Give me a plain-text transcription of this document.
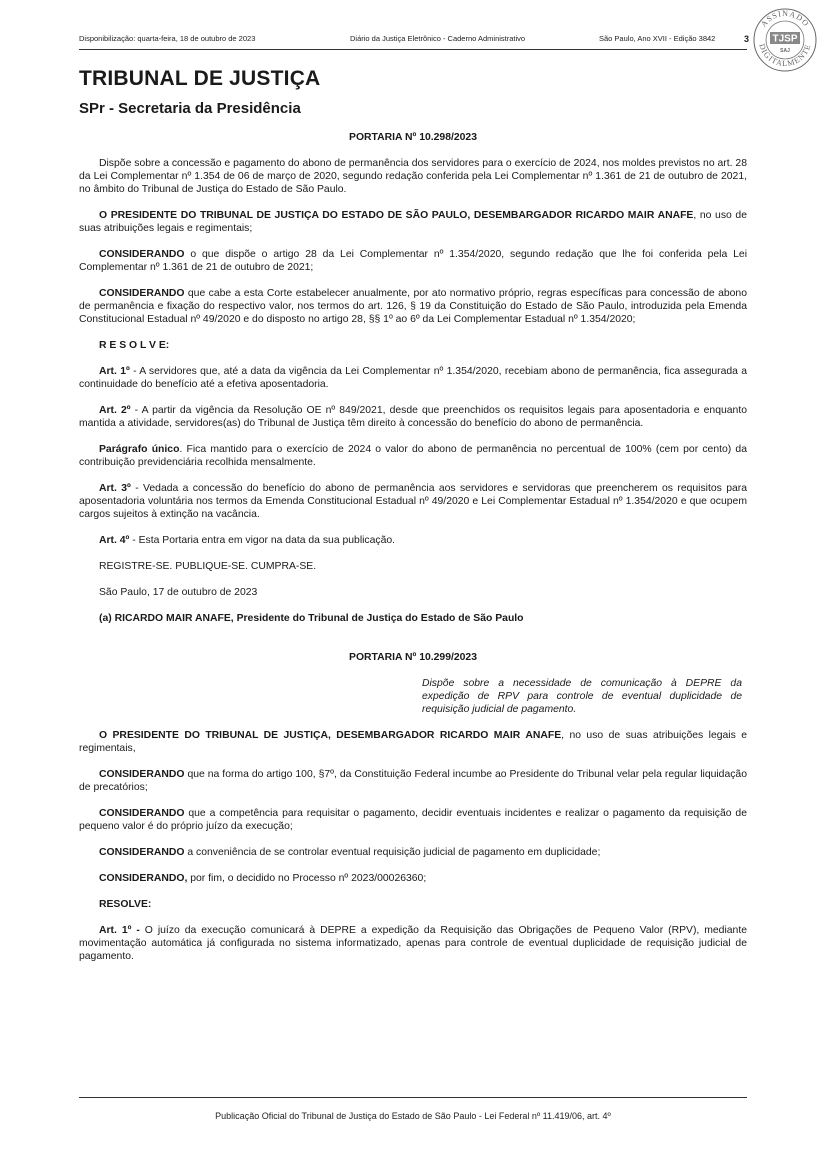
Disponibilização: quarta-feira, 18 de outubro de 2023	Diário da Justiça Eletrônico - Caderno Administrativo	São Paulo, Ano XVII - Edição 3842	3
ASSINADO
DIGITALMENTE
TJSP
SAJ
TRIBUNAL DE JUSTIÇA
SPr - Secretaria da Presidência

PORTARIA Nº 10.298/2023

Dispõe sobre a concessão e pagamento do abono de permanência dos servidores para o exercício de 2024, nos moldes previstos no art. 28 da Lei Complementar nº 1.354 de 06 de março de 2020, segundo redação conferida pela Lei Complementar nº 1.361 de 21 de outubro de 2021, no âmbito do Tribunal de Justiça do Estado de São Paulo.

O PRESIDENTE DO TRIBUNAL DE JUSTIÇA DO ESTADO DE SÃO PAULO, DESEMBARGADOR RICARDO MAIR ANAFE, no uso de suas atribuições legais e regimentais;

CONSIDERANDO o que dispõe o artigo 28 da Lei Complementar nº 1.354/2020, segundo redação que lhe foi conferida pela Lei Complementar nº 1.361 de 21 de outubro de 2021;

CONSIDERANDO que cabe a esta Corte estabelecer anualmente, por ato normativo próprio, regras específicas para concessão de abono de permanência e fixação do respectivo valor, nos termos do art. 126, § 19 da Constituição do Estado de São Paulo, introduzida pela Emenda Constitucional Estadual nº 49/2020 e do disposto no artigo 28, §§ 1º ao 6º da Lei Complementar Estadual nº 1.354/2020;

R E S O L V E:

Art. 1º - A servidores que, até a data da vigência da Lei Complementar nº 1.354/2020, recebiam abono de permanência, fica assegurada a continuidade do benefício até a efetiva aposentadoria.

Art. 2º - A partir da vigência da Resolução OE nº 849/2021, desde que preenchidos os requisitos legais para aposentadoria e enquanto mantida a atividade, servidores(as) do Tribunal de Justiça têm direito à concessão do benefício do abono de permanência.

Parágrafo único. Fica mantido para o exercício de 2024 o valor do abono de permanência no percentual de 100% (cem por cento) da contribuição previdenciária recolhida mensalmente.

Art. 3º - Vedada a concessão do benefício do abono de permanência aos servidores e servidoras que preencherem os requisitos para aposentadoria voluntária nos termos da Emenda Constitucional Estadual nº 49/2020 e Lei Complementar Estadual nº 1.354/2020 e que ocupem cargos sujeitos à extinção na vacância.

Art. 4º - Esta Portaria entra em vigor na data da sua publicação.

REGISTRE-SE. PUBLIQUE-SE. CUMPRA-SE.

São Paulo, 17 de outubro de 2023

(a) RICARDO MAIR ANAFE, Presidente do Tribunal de Justiça do Estado de São Paulo

PORTARIA Nº 10.299/2023

Dispõe sobre a necessidade de comunicação à DEPRE da expedição de RPV para controle de eventual duplicidade de requisição judicial de pagamento.

O PRESIDENTE DO TRIBUNAL DE JUSTIÇA, DESEMBARGADOR RICARDO MAIR ANAFE, no uso de suas atribuições legais e regimentais,

CONSIDERANDO que na forma do artigo 100, §7º, da Constituição Federal incumbe ao Presidente do Tribunal velar pela regular liquidação de precatórios;

CONSIDERANDO que a competência para requisitar o pagamento, decidir eventuais incidentes e realizar o pagamento da requisição de pequeno valor é do próprio juízo da execução;

CONSIDERANDO a conveniência de se controlar eventual requisição judicial de pagamento em duplicidade;

CONSIDERANDO, por fim, o decidido no Processo nº 2023/00026360;

RESOLVE:

Art. 1º - O juízo da execução comunicará à DEPRE a expedição da Requisição das Obrigações de Pequeno Valor (RPV), mediante movimentação automática já configurada no sistema informatizado, apenas para controle de eventual duplicidade de requisição judicial de pagamento.

Publicação Oficial do Tribunal de Justiça do Estado de São Paulo - Lei Federal nº 11.419/06, art. 4º
